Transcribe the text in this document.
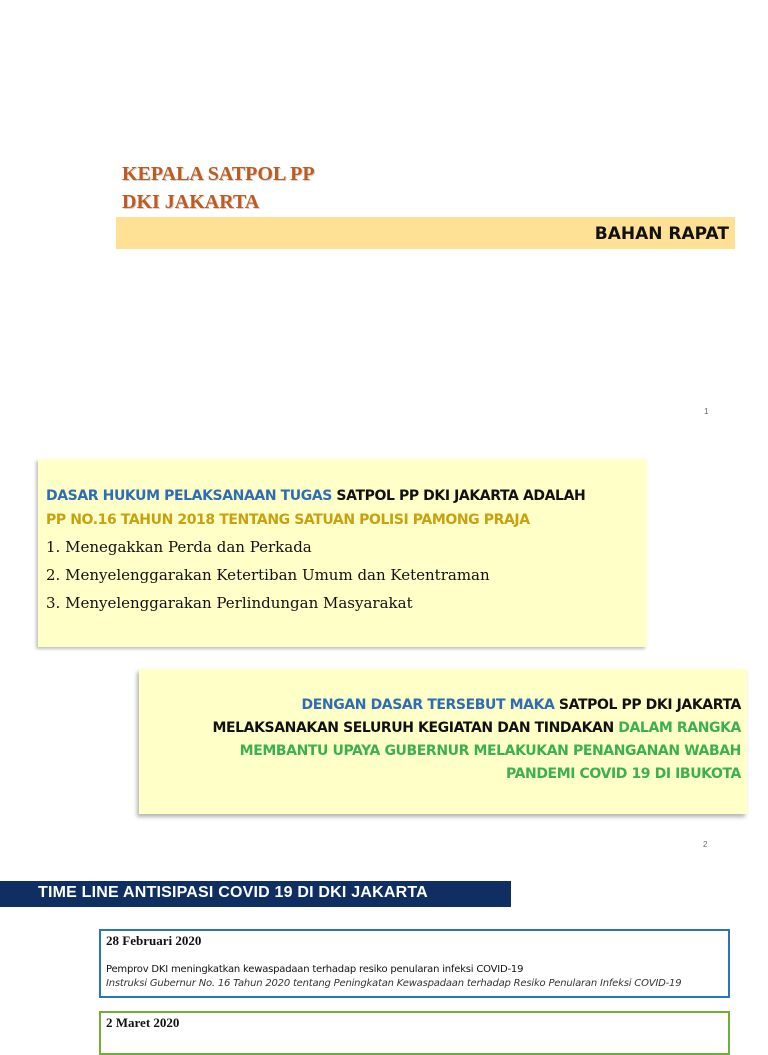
KEPALA SATPOL PP
DKI JAKARTA
BAHAN RAPAT
1
DASAR HUKUM PELAKSANAAN TUGAS SATPOL PP DKI JAKARTA ADALAH
PP NO.16 TAHUN 2018 TENTANG SATUAN POLISI PAMONG PRAJA
1. Menegakkan Perda dan Perkada
2. Menyelenggarakan Ketertiban Umum dan Ketentraman
3. Menyelenggarakan Perlindungan Masyarakat
DENGAN DASAR TERSEBUT MAKA SATPOL PP DKI JAKARTA
MELAKSANAKAN SELURUH KEGIATAN DAN TINDAKAN DALAM RANGKA
MEMBANTU UPAYA GUBERNUR MELAKUKAN PENANGANAN WABAH
PANDEMI COVID 19 DI IBUKOTA
2
TIME LINE ANTISIPASI COVID 19 DI DKI JAKARTA
28 Februari 2020
Pemprov DKI meningkatkan kewaspadaan terhadap resiko penularan infeksi COVID-19
Instruksi Gubernur No. 16 Tahun 2020 tentang Peningkatan Kewaspadaan terhadap Resiko Penularan Infeksi COVID-19
2 Maret 2020
